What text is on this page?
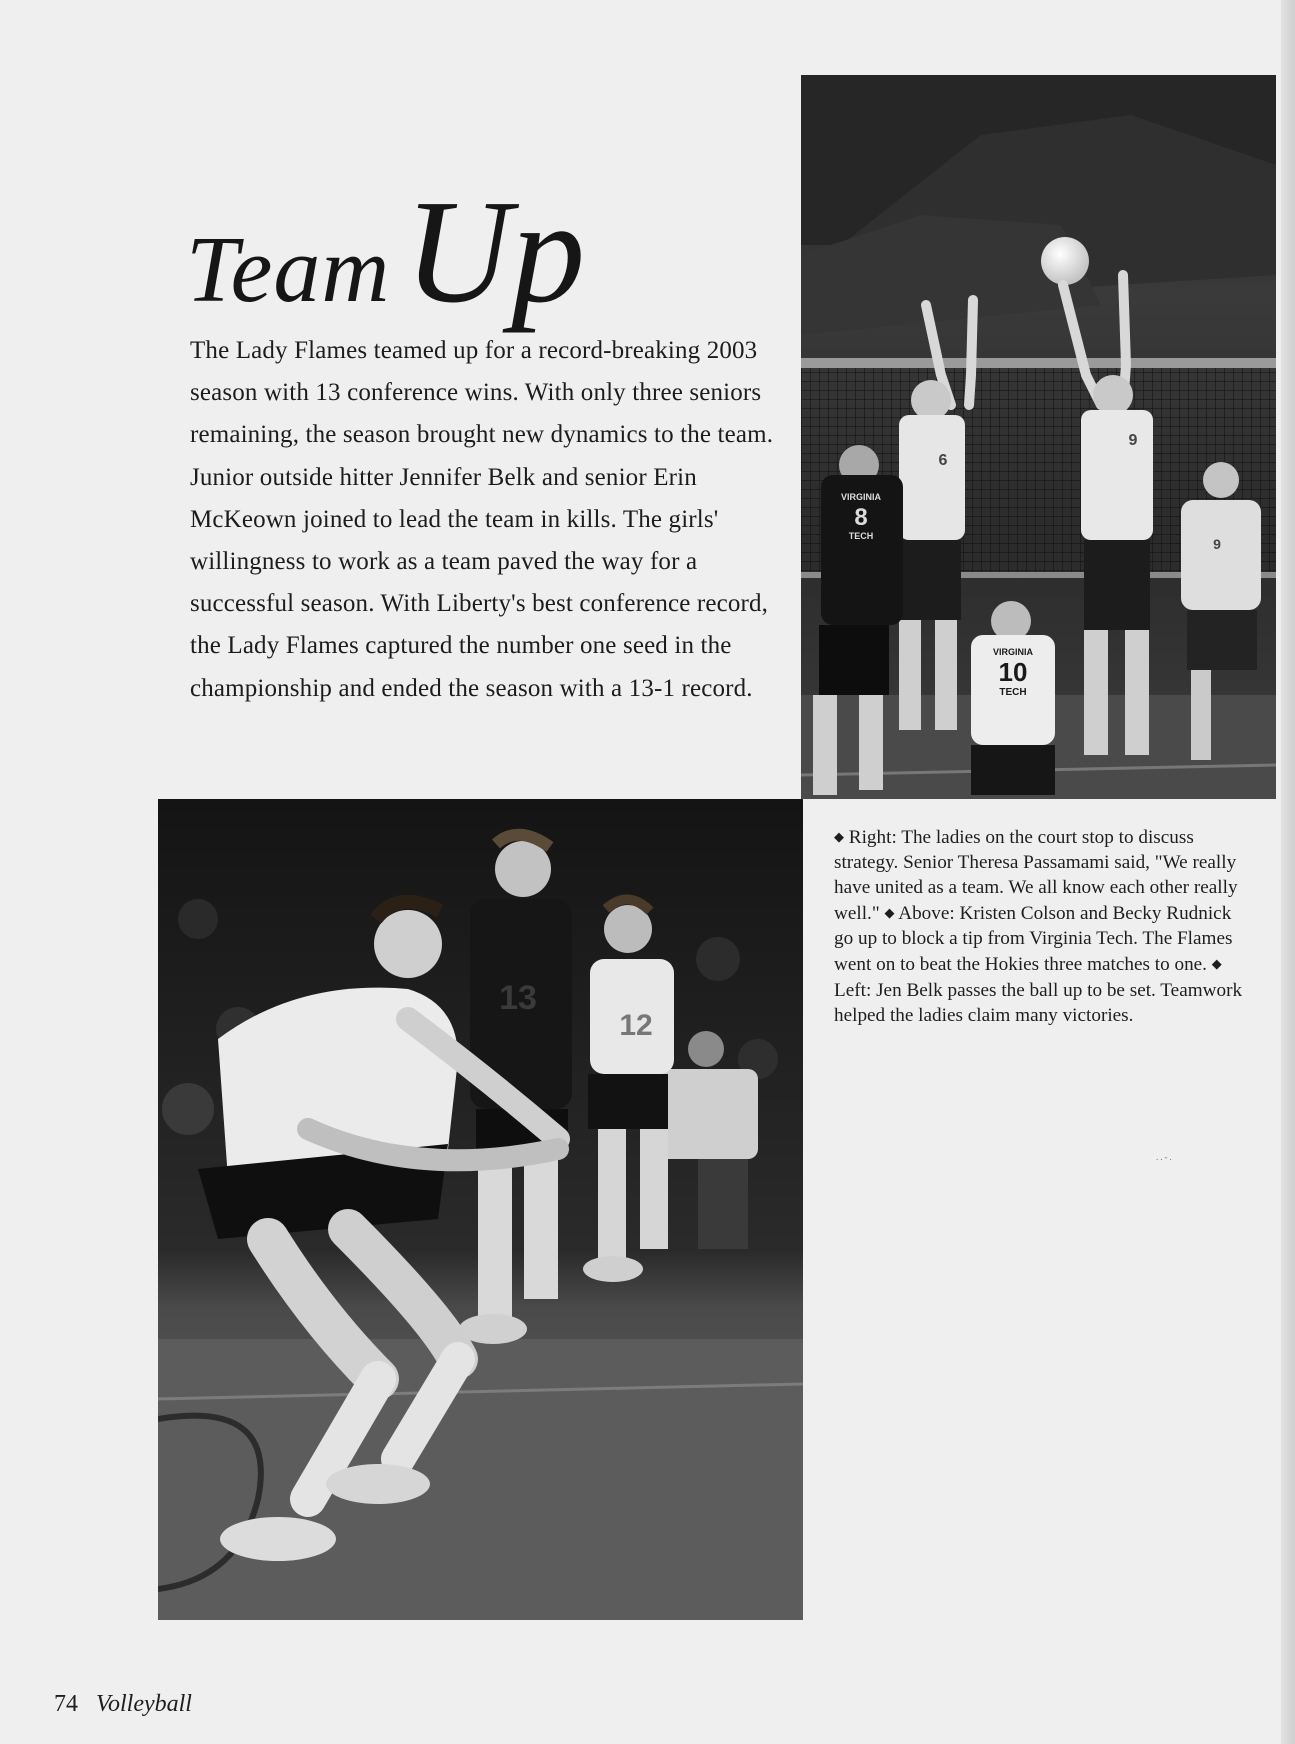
TeamUp

The Lady Flames teamed up for a record-breaking 2003 season with 13 conference wins. With only three seniors remaining, the season brought new dynamics to the team. Junior outside hitter Jennifer Belk and senior Erin McKeown joined to lead the team in kills. The girls' willingness to work as a team paved the way for a successful season. With Liberty's best conference record, the Lady Flames captured the number one seed in the championship and ended the season with a 13-1 record.

VIRGINIA
8
TECH
VIRGINIA
10
TECH
6
9
9
13
12

◆ Right: The ladies on the court stop to discuss strategy. Senior Theresa Passamami said, "We really have united as a team. We all know each other really well." ◆ Above: Kristen Colson and Becky Rudnick go up to block a tip from Virginia Tech. The Flames went on to beat the Hokies three matches to one. ◆ Left: Jen Belk passes the ball up to be set. Teamwork helped the ladies claim many victories.

..-.
74 Volleyball
